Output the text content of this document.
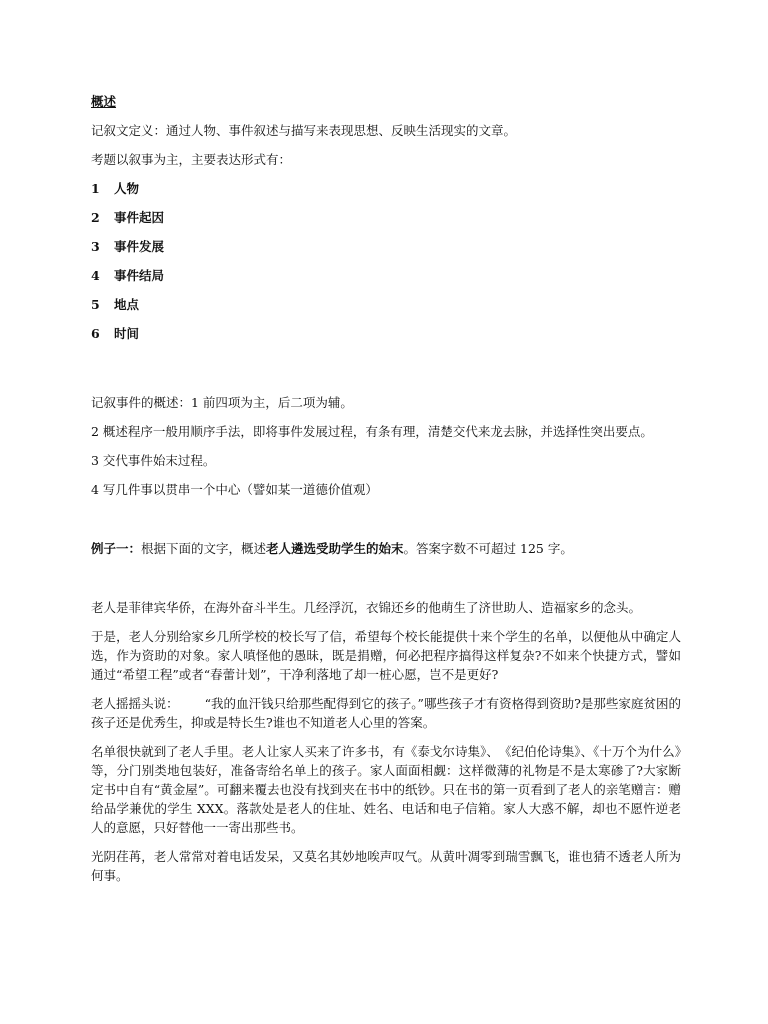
概述

记叙文定义：通过人物、事件叙述与描写来表现思想、反映生活现实的文章。

考题以叙事为主，主要表达形式有：

1 人物
2 事件起因
3 事件发展
4 事件结局
5 地点
6 时间

记叙事件的概述：1 前四项为主，后二项为辅。

2 概述程序一般用顺序手法，即将事件发展过程，有条有理，清楚交代来龙去脉，并选择性突出要点。

3 交代事件始末过程。

4 写几件事以贯串一个中心（譬如某一道德价值观）

例子一：根据下面的文字，概述老人遴选受助学生的始末。答案字数不可超过 125 字。

老人是菲律宾华侨，在海外奋斗半生。几经浮沉，衣锦还乡的他萌生了济世助人、造福家乡的念头。

于是，老人分别给家乡几所学校的校长写了信，希望每个校长能提供十来个学生的名单，以便他从中确定人选，作为资助的对象。家人嗔怪他的愚昧，既是捐赠，何必把程序搞得这样复杂?不如来个快捷方式，譬如通过“希望工程”或者“春蕾计划”，干净利落地了却一桩心愿，岂不是更好?

老人摇摇头说： “我的血汗钱只给那些配得到它的孩子。”哪些孩子才有资格得到资助?是那些家庭贫困的孩子还是优秀生，抑或是特长生?谁也不知道老人心里的答案。

名单很快就到了老人手里。老人让家人买来了许多书，有《泰戈尔诗集》、　《纪伯伦诗集》、《十万个为什么》等，分门别类地包装好，准备寄给名单上的孩子。家人面面相觑：这样微薄的礼物是不是太寒碜了?大家断定书中自有“黄金屋”。可翻来覆去也没有找到夹在书中的纸钞。只在书的第一页看到了老人的亲笔赠言：赠给品学兼优的学生 XXX。落款处是老人的住址、姓名、电话和电子信箱。家人大惑不解，却也不愿忤逆老人的意愿，只好替他一一寄出那些书。

光阴荏苒，老人常常对着电话发呆，又莫名其妙地唉声叹气。从黄叶凋零到瑞雪飘飞，谁也猜不透老人所为何事。
